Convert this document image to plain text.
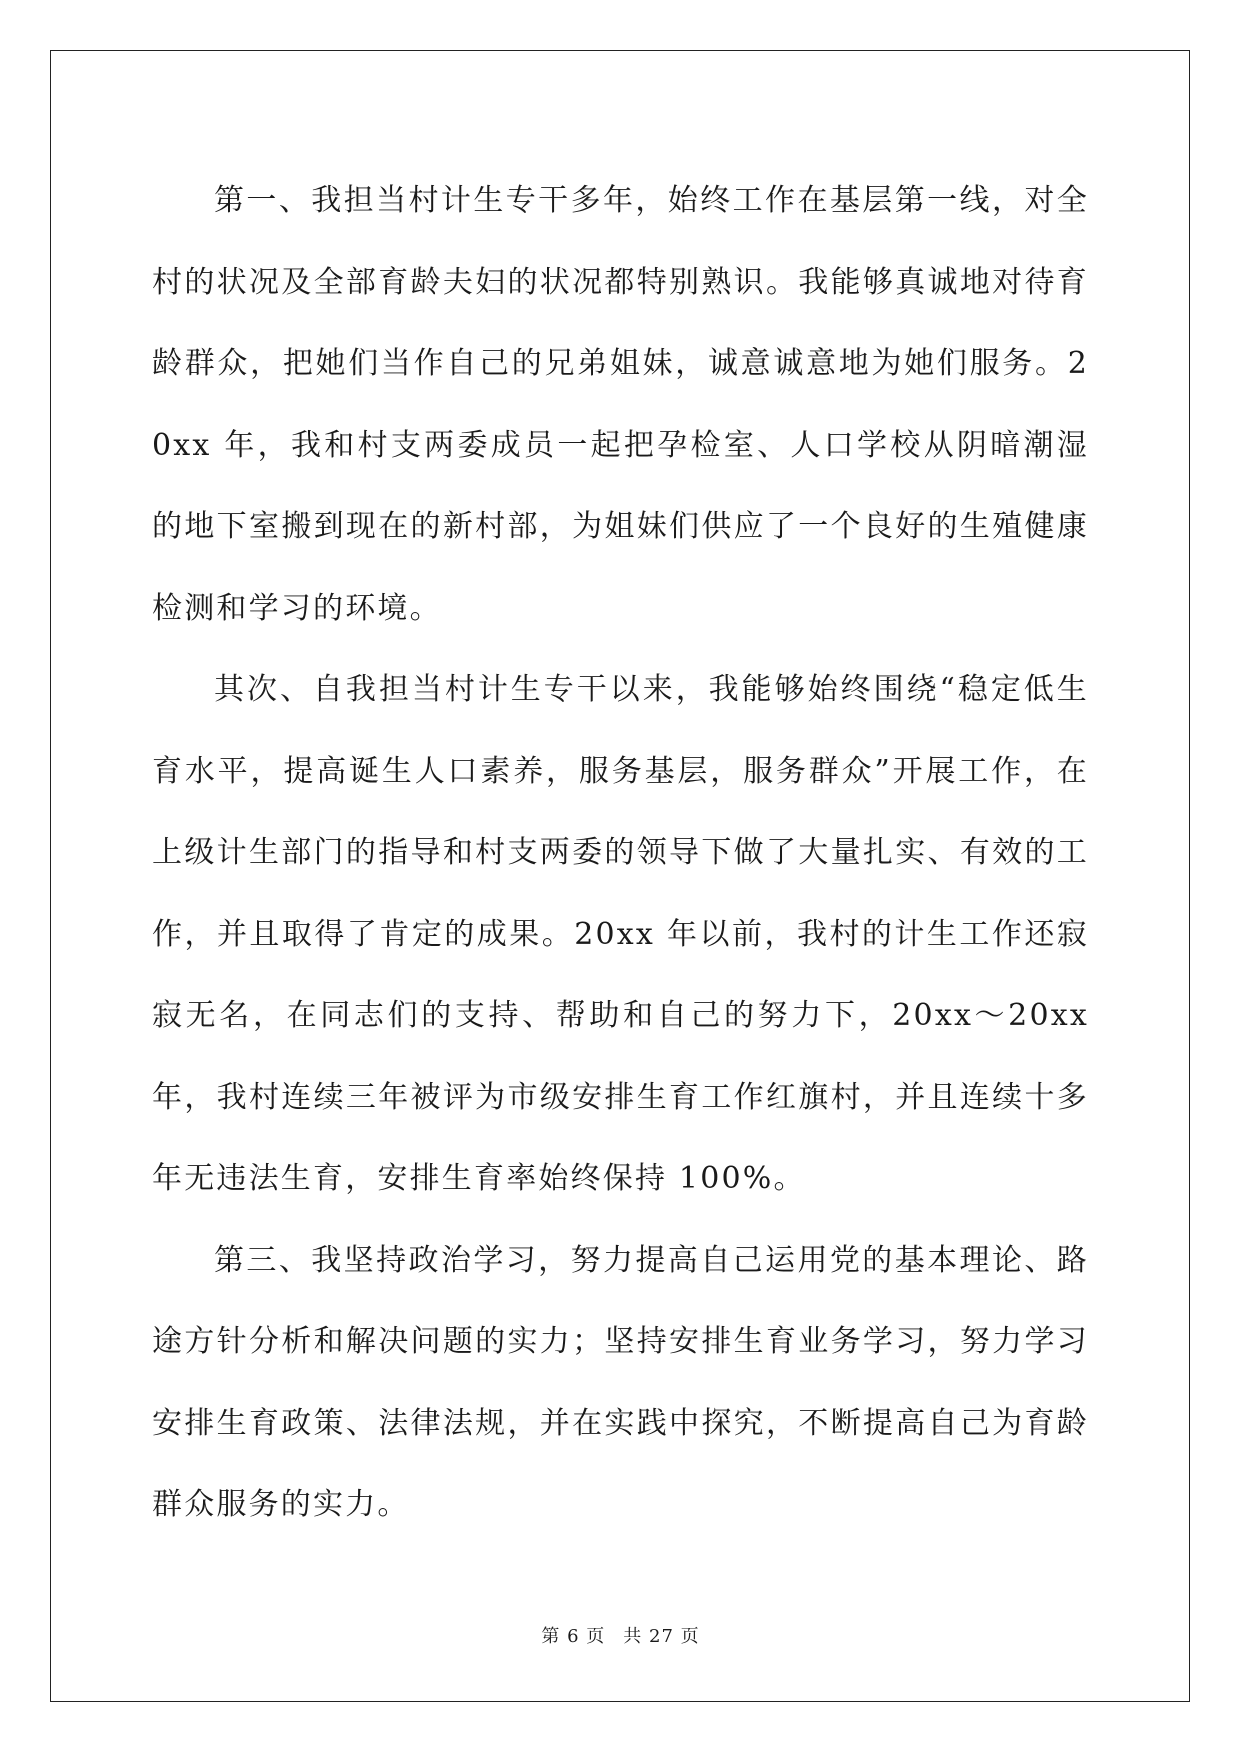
第一、我担当村计生专干多年，始终工作在基层第一线，对全村的状况及全部育龄夫妇的状况都特别熟识。我能够真诚地对待育龄群众，把她们当作自己的兄弟姐妹，诚意诚意地为她们服务。20xx 年，我和村支两委成员一起把孕检室、人口学校从阴暗潮湿的地下室搬到现在的新村部，为姐妹们供应了一个良好的生殖健康检测和学习的环境。

其次、自我担当村计生专干以来，我能够始终围绕“稳定低生育水平，提高诞生人口素养，服务基层，服务群众”开展工作，在上级计生部门的指导和村支两委的领导下做了大量扎实、有效的工作，并且取得了肯定的成果。20xx 年以前，我村的计生工作还寂寂无名，在同志们的支持、帮助和自己的努力下，20xx～20xx 年，我村连续三年被评为市级安排生育工作红旗村，并且连续十多年无违法生育，安排生育率始终保持 100%。

第三、我坚持政治学习，努力提高自己运用党的基本理论、路途方针分析和解决问题的实力；坚持安排生育业务学习，努力学习安排生育政策、法律法规，并在实践中探究，不断提高自己为育龄群众服务的实力。

第 6 页 共 27 页
